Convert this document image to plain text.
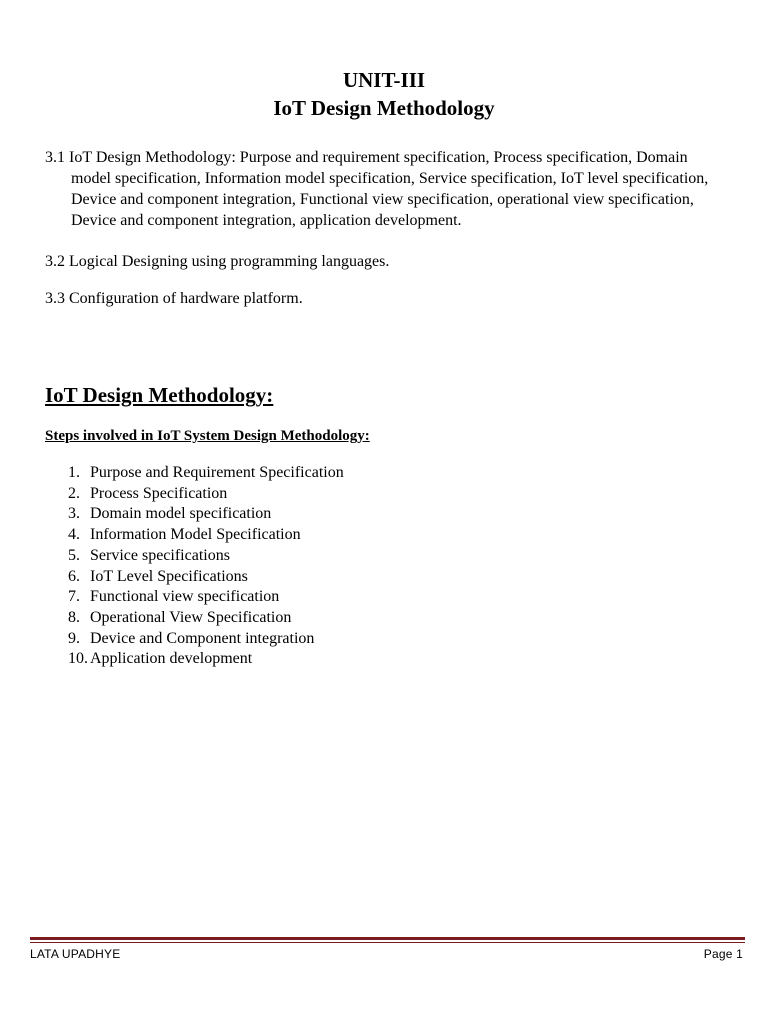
UNIT-III
IoT Design Methodology

3.1 IoT Design Methodology: Purpose and requirement specification, Process specification, Domain model specification, Information model specification, Service specification, IoT level specification, Device and component integration, Functional view specification, operational view specification, Device and component integration, application development.

3.2 Logical Designing using programming languages.

3.3 Configuration of hardware platform.

IoT Design Methodology:
Steps involved in IoT System Design Methodology:
1. Purpose and Requirement Specification
2. Process Specification
3. Domain model specification
4. Information Model Specification
5. Service specifications
6. IoT Level Specifications
7. Functional view specification
8. Operational View Specification
9. Device and Component integration
10. Application development
LATA UPADHYE	Page 1
